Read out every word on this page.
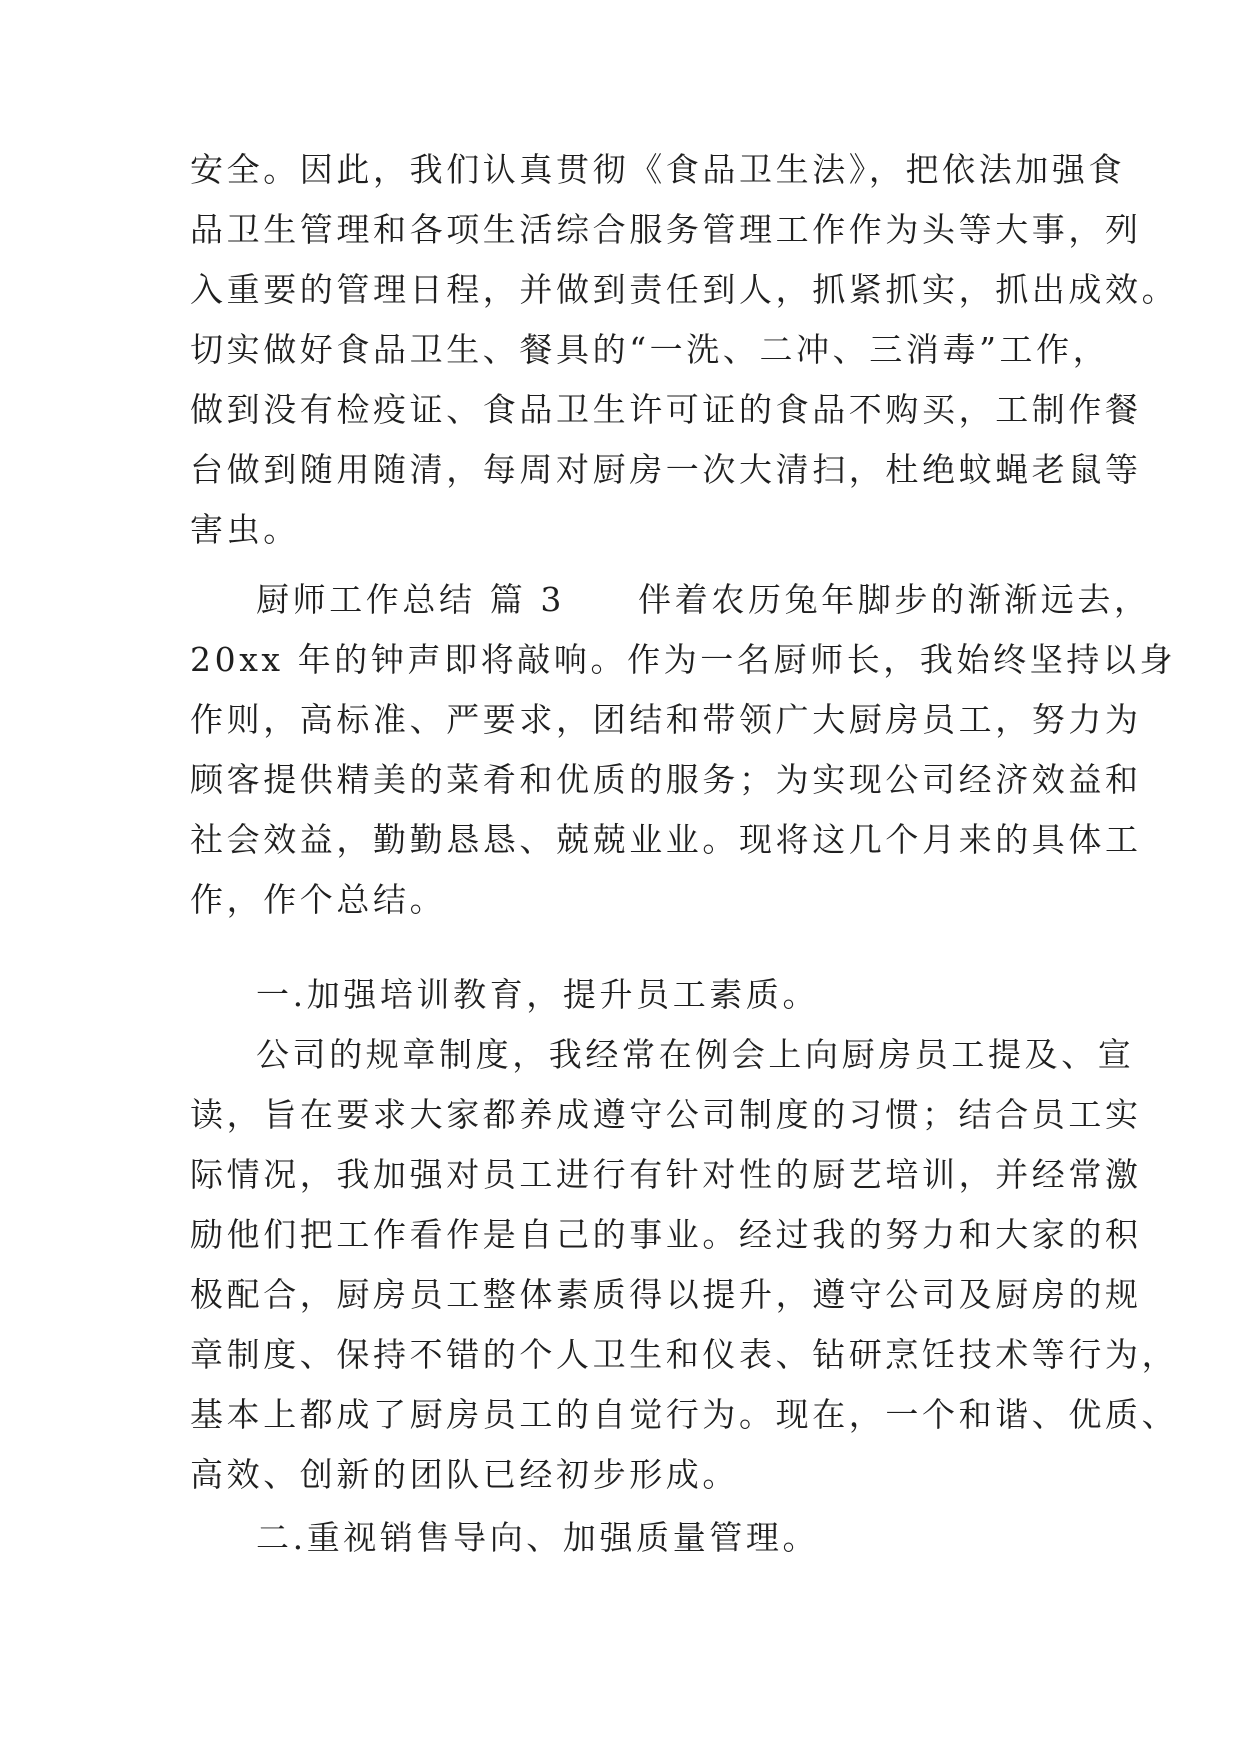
安全。因此，我们认真贯彻《食品卫生法》，把依法加强食
品卫生管理和各项生活综合服务管理工作作为头等大事，列
入重要的管理日程，并做到责任到人，抓紧抓实，抓出成效。
切实做好食品卫生、餐具的“一洗、二冲、三消毒”工作，
做到没有检疫证、食品卫生许可证的食品不购买，工制作餐
台做到随用随清，每周对厨房一次大清扫，杜绝蚊蝇老鼠等
害虫。
厨师工作总结 篇 3　　伴着农历兔年脚步的渐渐远去，
20xx 年的钟声即将敲响。作为一名厨师长，我始终坚持以身
作则，高标准、严要求，团结和带领广大厨房员工，努力为
顾客提供精美的菜肴和优质的服务；为实现公司经济效益和
社会效益，勤勤恳恳、兢兢业业。现将这几个月来的具体工
作，作个总结。
一.加强培训教育，提升员工素质。
公司的规章制度，我经常在例会上向厨房员工提及、宣
读，旨在要求大家都养成遵守公司制度的习惯；结合员工实
际情况，我加强对员工进行有针对性的厨艺培训，并经常激
励他们把工作看作是自己的事业。经过我的努力和大家的积
极配合，厨房员工整体素质得以提升，遵守公司及厨房的规
章制度、保持不错的个人卫生和仪表、钻研烹饪技术等行为，
基本上都成了厨房员工的自觉行为。现在，一个和谐、优质、
高效、创新的团队已经初步形成。
二.重视销售导向、加强质量管理。
